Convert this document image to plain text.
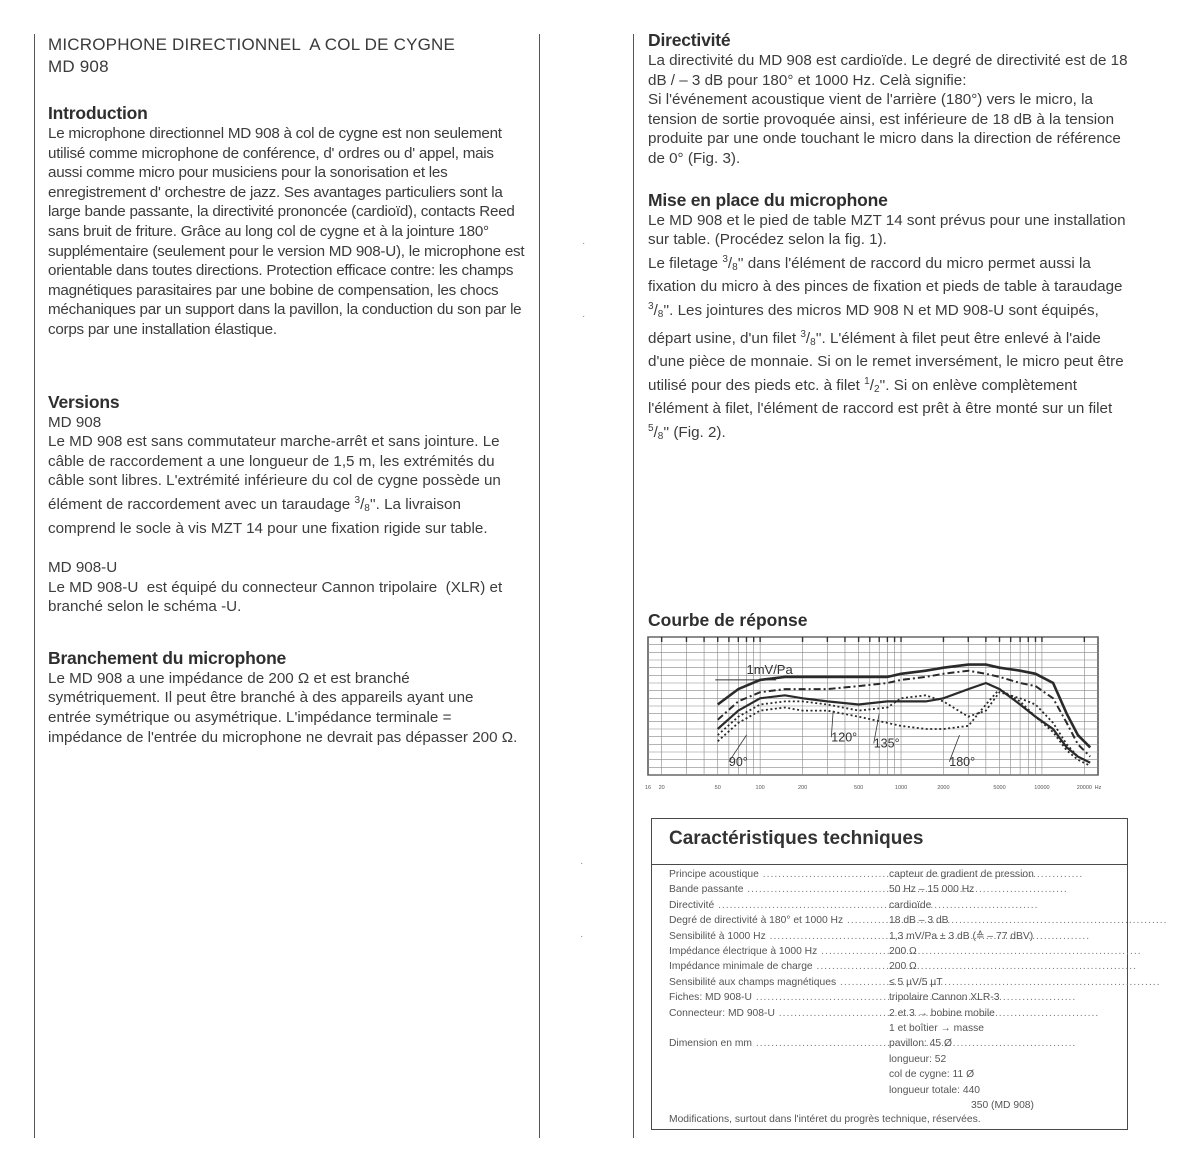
·
·
·
·
MICROPHONE DIRECTIONNEL  A COL DE CYGNE
MD 908
Introduction

Le microphone directionnel MD 908 à col de cygne est non seulement utilisé comme microphone de conférence, d' ordres ou d' appel, mais aussi comme micro pour musiciens pour la sonorisation et les enregistrement d' orchestre de jazz. Ses avantages particuliers sont la large bande passante, la directivité prononcée (cardioïd), contacts Reed sans bruit de friture. Grâce au long col de cygne et à la jointure 180° supplémentaire (seulement pour le version MD 908-U), le microphone est orientable dans toutes directions. Protection efficace contre: les champs magnétiques parasitaires par une bobine de compensation, les chocs méchaniques par un support dans la pavillon, la conduction du son par le corps par une installation élastique.

Versions

MD 908

Le MD 908 est sans commutateur marche-arrêt et sans jointure. Le câble de raccordement a une longueur de 1,5 m, les extrémités du câble sont libres. L'extrémité inférieure du col de cygne possède un élément de raccordement avec un taraudage $^3$/8''. La livraison comprend le socle à vis MZT 14 pour une fixation rigide sur table.

MD 908-U

Le MD 908-U  est équipé du connecteur Cannon tripolaire  (XLR) et  branché selon le schéma -U.

Branchement du microphone

Le MD 908 a une impédance de 200 Ω et est branché symétriquement. Il peut être branché à des appareils ayant une entrée symétrique ou asymétrique. L'impédance terminale = impédance de l'entrée du microphone ne devrait pas dépasser 200 Ω.

Directivité

La directivité du MD 908 est cardioïde. Le degré de directivité est de 18 dB / – 3 dB pour 180° et 1000 Hz. Celà signifie:

Si l'événement acoustique vient de l'arrière (180°) vers le micro, la tension de sortie provoquée ainsi, est inférieure de 18 dB à la tension produite par une onde touchant le micro dans la direction de référence de 0° (Fig. 3).

Mise en place du microphone

Le MD 908 et le pied de table MZT 14 sont prévus pour une installation sur table. (Procédez selon la fig. 1).

Le filetage $^3$/8'' dans l'élément de raccord du micro permet aussi la fixation du micro à des pinces de fixation et pieds de table à taraudage $^3$/8''. Les jointures des micros MD 908 N et MD 908-U sont équipés, départ usine, d'un filet $^3$/8''. L'élément à filet peut être enlevé à l'aide d'une pièce de monnaie. Si on le remet inversément, le micro peut être utilisé pour des pieds etc. à filet $^1$/2''. Si on enlève complètement l'élément à filet, l'élément de raccord est prêt à être monté sur un filet $^5$/8'' (Fig. 2).

Courbe de réponse
16 20	50	100	200	500	1000	2000	5000	10000	20000 Hz
1mV/Pa
90°
120° 135°
180°
Caractéristiques techniques
Principe acoustique .....	capteur de gradient de pression
Bande passante .....	50 Hz – 15 000 Hz
Directivité .....	cardioïde
Degré de directivité à 180° et 1000 Hz .....	18 dB – 3 dB
Sensibilité à 1000 Hz .....	1,3 mV/Pa ± 3 dB (≙ – 77 dBV)
Impédance électrique à 1000 Hz .....	200 Ω
Impédance minimale de charge .....	200 Ω
Sensibilité aux champs magnétiques .....	≤ 5 µV/5 µT
Fiches: MD 908-U .....	tripolaire Cannon XLR-3
Connecteur: MD 908-U .....	2 et 3 → bobine mobile
1 et boîtier → masse
Dimension en mm .....	pavillon: 45 Ø
longueur: 52
col de cygne: 11 Ø
longueur totale: 440
350 (MD 908)
Modifications, surtout dans l'intéret du progrès technique, réservées.
